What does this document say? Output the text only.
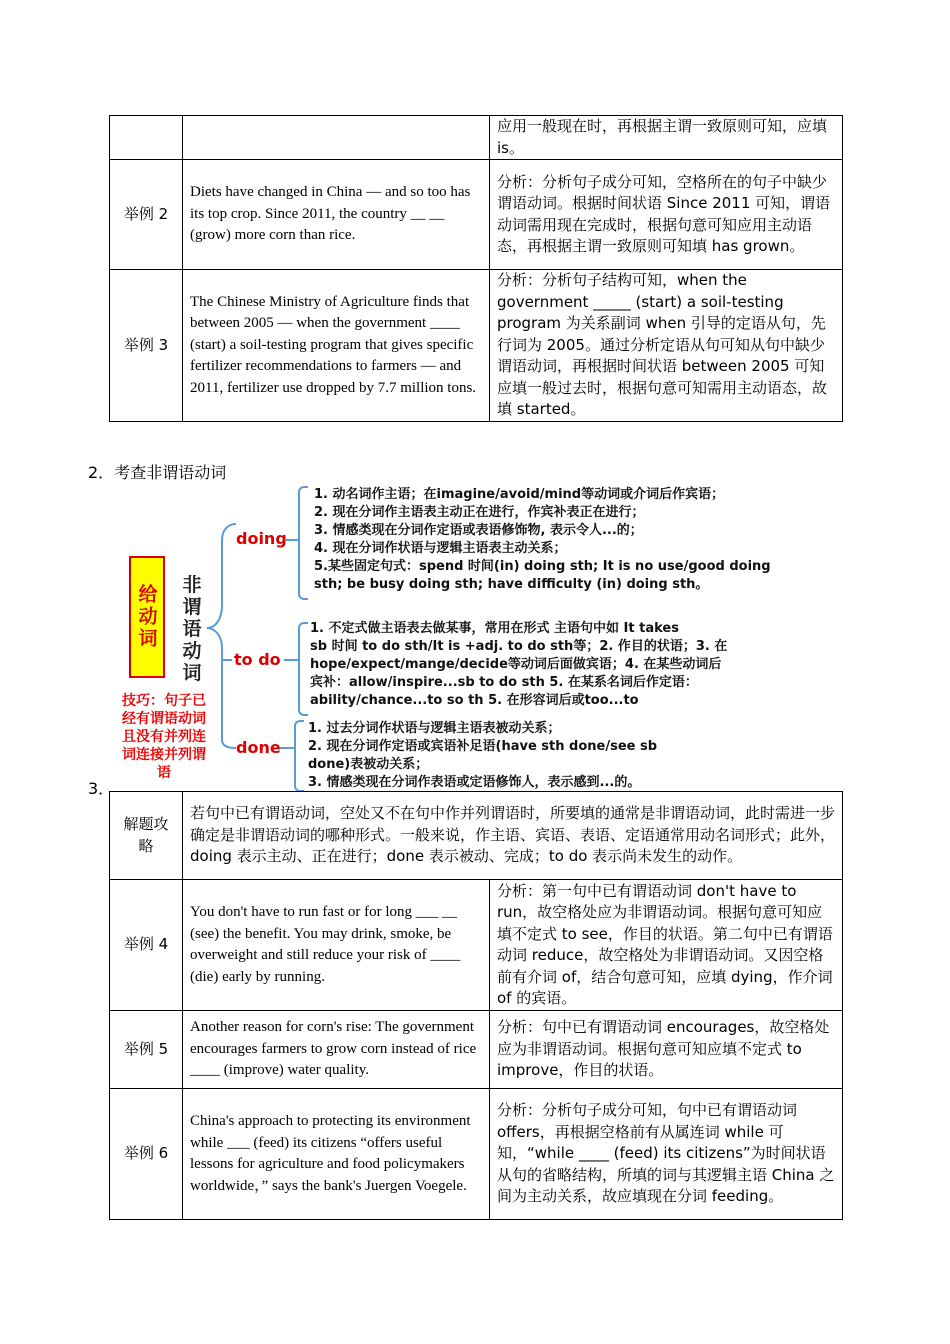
		应用一般现在时，再根据主谓一致原则可知，应填 is。
举例 2	Diets have changed in China — and so too has its top crop. Since 2011, the country __ __ (grow) more corn than rice.	分析：分析句子成分可知，空格所在的句子中缺少谓语动词。根据时间状语 Since 2011 可知，谓语动词需用现在完成时，根据句意可知应用主动语态，再根据主谓一致原则可知填 has grown。
举例 3	The Chinese Ministry of Agriculture finds that between 2005 — when the government ____ (start) a soil-testing program that gives specific fertilizer recommendations to farmers — and 2011, fertilizer use dropped by 7.7 million tons.	分析：分析句子结构可知，when the government _____ (start) a soil-testing program 为关系副词 when 引导的定语从句，先行词为 2005。通过分析定语从句可知从句中缺少谓语动词，再根据时间状语 between 2005 可知应填一般过去时，根据句意可知需用主动语态，故填 started。
2．考查非谓语动词
给动词 非谓语动词
技巧：句子已经有谓语动词且没有并列连词连接并列谓语
doing
to do
done
1. 动名词作主语；在imagine/avoid/mind等动词或介词后作宾语；
2. 现在分词作主语表主动正在进行，作宾补表正在进行；
3. 情感类现在分词作定语或表语修饰物, 表示令人...的；
4. 现在分词作状语与逻辑主语表主动关系；
5.某些固定句式：spend 时间(in) doing sth; It is no use/good doing
sth; be busy doing sth; have difficulty (in) doing sth。
1. 不定式做主语表去做某事，常用在形式 主语句中如 It takes
sb 时间 to do sth/It is +adj. to do sth等；2. 作目的状语；3. 在
hope/expect/mange/decide等动词后面做宾语；4. 在某些动词后
宾补：allow/inspire...sb to do sth 5. 在某系名词后作定语：
ability/chance...to so th 5. 在形容词后或too...to
1. 过去分词作状语与逻辑主语表被动关系；
2. 现在分词作定语或宾语补足语(have sth done/see sb
done)表被动关系；
3. 情感类现在分词作表语或定语修饰人，表示感到...的。
3．
解题攻略	若句中已有谓语动词，空处又不在句中作并列谓语时，所要填的通常是非谓语动词，此时需进一步确定是非谓语动词的哪种形式。一般来说，作主语、宾语、表语、定语通常用动名词形式；此外，doing 表示主动、正在进行；done 表示被动、完成；to do 表示尚未发生的动作。	
举例 4	You don't have to run fast or for long ___ __ (see) the benefit. You may drink, smoke, be overweight and still reduce your risk of ____ (die) early by running.	分析：第一句中已有谓语动词 don't have to run，故空格处应为非谓语动词。根据句意可知应填不定式 to see，作目的状语。第二句中已有谓语动词 reduce，故空格处为非谓语动词。又因空格前有介词 of，结合句意可知，应填 dying，作介词 of 的宾语。
举例 5	Another reason for corn's rise: The government encourages farmers to grow corn instead of rice ____ (improve) water quality.	分析：句中已有谓语动词 encourages，故空格处应为非谓语动词。根据句意可知应填不定式 to improve，作目的状语。
举例 6	China's approach to protecting its environment while ___ (feed) its citizens “offers useful lessons for agriculture and food policymakers worldwide，” says the bank's Juergen Voegele.	分析：分析句子成分可知，句中已有谓语动词 offers，再根据空格前有从属连词 while 可知，“while ____ (feed) its citizens”为时间状语从句的省略结构，所填的词与其逻辑主语 China 之间为主动关系，故应填现在分词 feeding。
